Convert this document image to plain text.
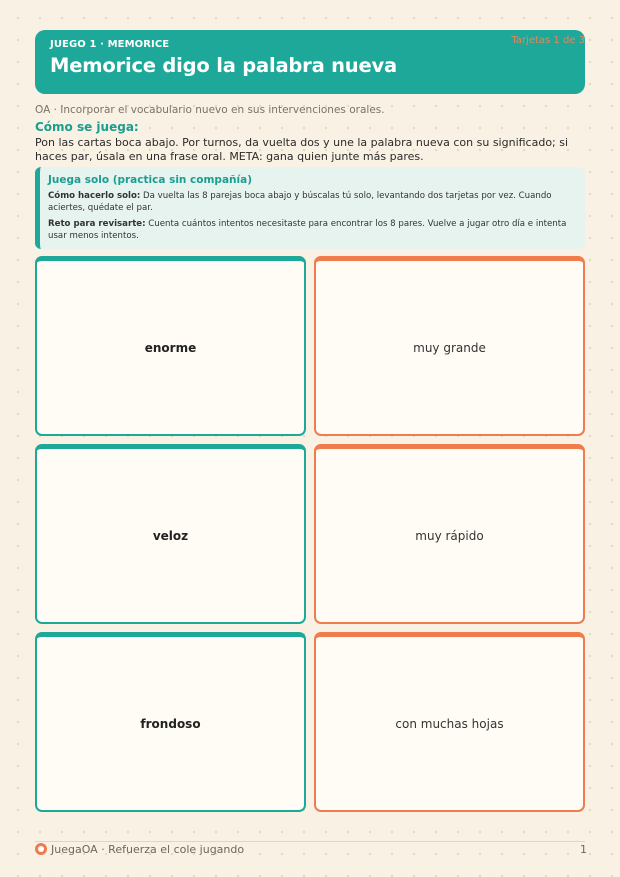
JUEGO 1 · MEMORICE
Memorice digo la palabra nueva
Tarjetas 1 de 3
OA · Incorporar el vocabulario nuevo en sus intervenciones orales.
Cómo se juega:
Pon las cartas boca abajo. Por turnos, da vuelta dos y une la palabra nueva con su significado; si haces par, úsala en una frase oral. META: gana quien junte más pares.
Juega solo (practica sin compañía)
Cómo hacerlo solo: Da vuelta las 8 parejas boca abajo y búscalas tú solo, levantando dos tarjetas por vez. Cuando aciertes, quédate el par.
Reto para revisarte: Cuenta cuántos intentos necesitaste para encontrar los 8 pares. Vuelve a jugar otro día e intenta usar menos intentos.
enorme	muy grande
veloz	muy rápido
frondoso	con muchas hojas
JuegaOA · Refuerza el cole jugando	1
